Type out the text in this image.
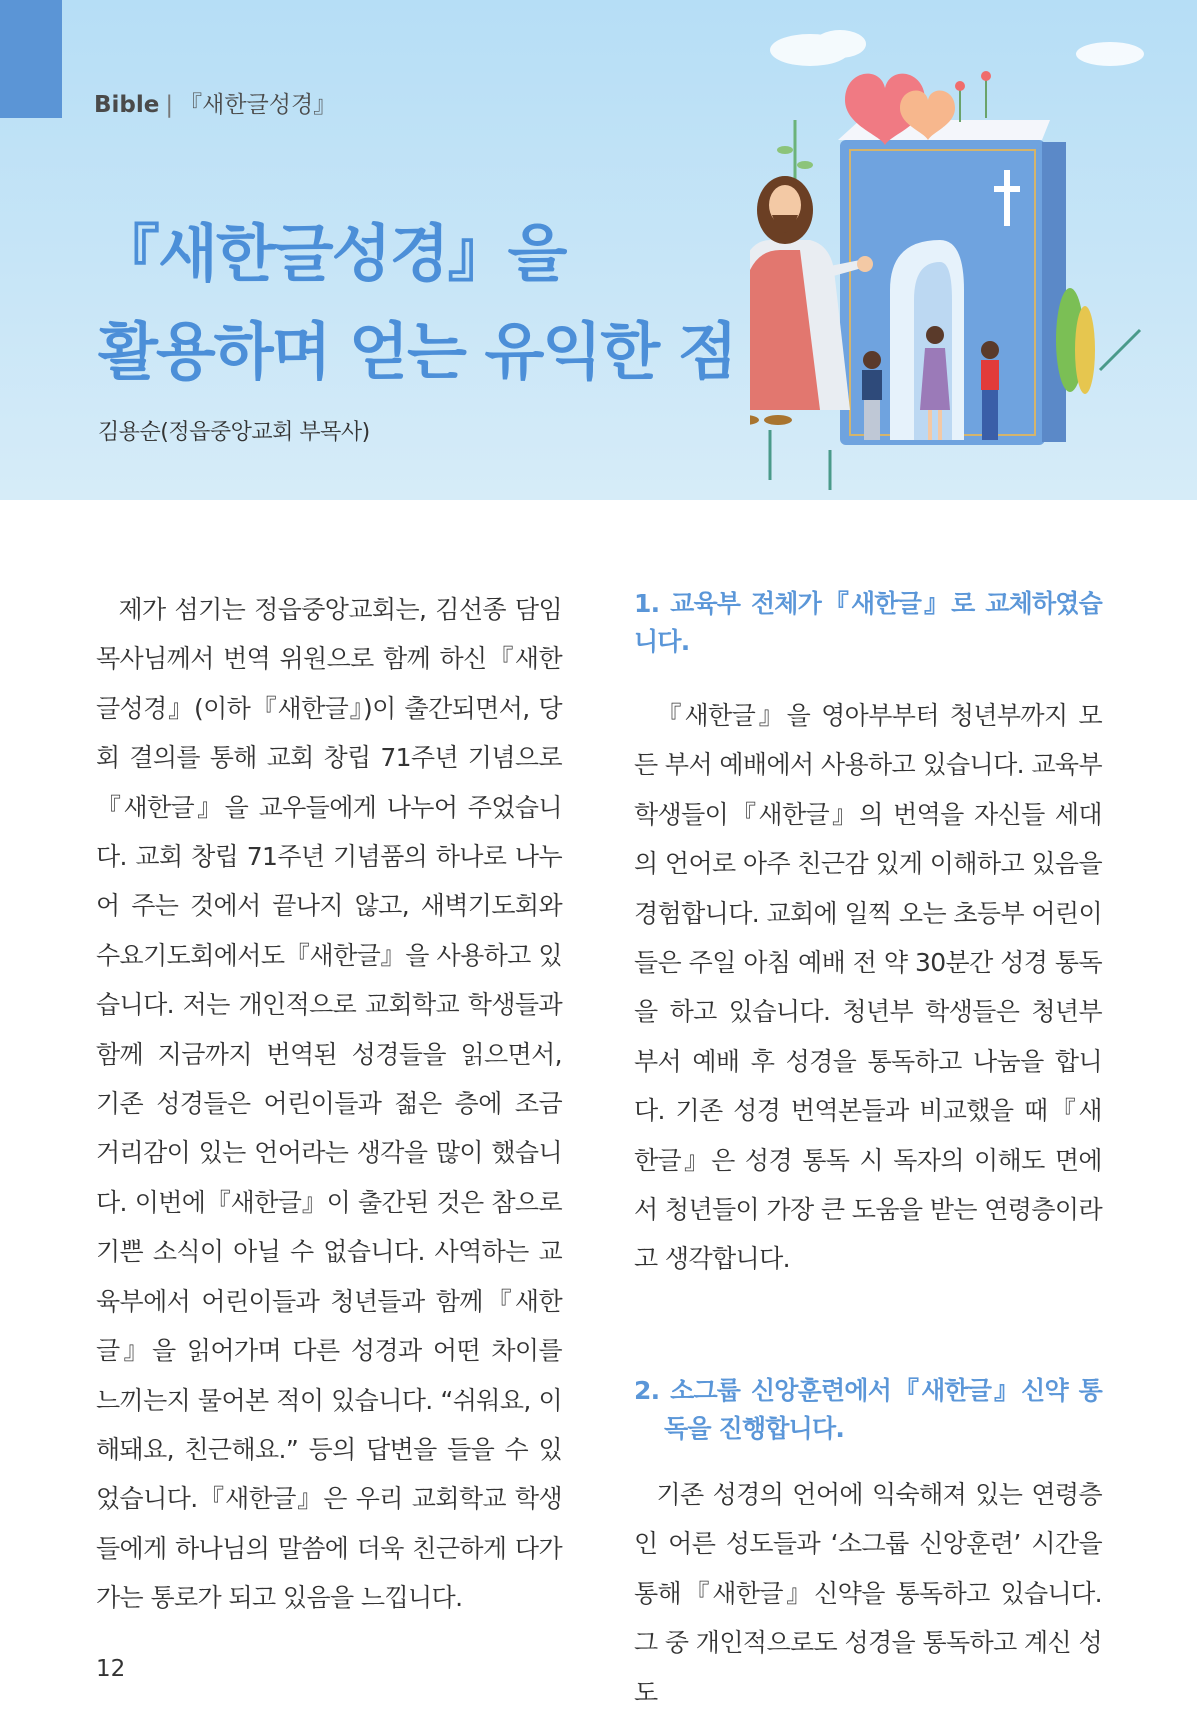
Bible | 『새한글성경』
『새한글성경』을
활용하며 얻는 유익한 점
김용순(정읍중앙교회 부목사)

제가 섬기는 정읍중앙교회는, 김선종 담임 목사님께서 번역 위원으로 함께 하신『새한글성경』(이하『새한글』)이 출간되면서, 당회 결의를 통해 교회 창립 71주년 기념으로『새한글』을 교우들에게 나누어 주었습니다. 교회 창립 71주년 기념품의 하나로 나누어 주는 것에서 끝나지 않고, 새벽기도회와 수요기도회에서도『새한글』을 사용하고 있습니다. 저는 개인적으로 교회학교 학생들과 함께 지금까지 번역된 성경들을 읽으면서, 기존 성경들은 어린이들과 젊은 층에 조금 거리감이 있는 언어라는 생각을 많이 했습니다. 이번에『새한글』이 출간된 것은 참으로 기쁜 소식이 아닐 수 없습니다. 사역하는 교육부에서 어린이들과 청년들과 함께『새한글』을 읽어가며 다른 성경과 어떤 차이를 느끼는지 물어본 적이 있습니다. “쉬워요, 이해돼요, 친근해요.” 등의 답변을 들을 수 있었습니다.『새한글』은 우리 교회학교 학생들에게 하나님의 말씀에 더욱 친근하게 다가가는 통로가 되고 있음을 느낍니다.

1. 교육부 전체가『새한글』로 교체하였습니다.

『새한글』을 영아부부터 청년부까지 모든 부서 예배에서 사용하고 있습니다. 교육부 학생들이『새한글』의 번역을 자신들 세대의 언어로 아주 친근감 있게 이해하고 있음을 경험합니다. 교회에 일찍 오는 초등부 어린이들은 주일 아침 예배 전 약 30분간 성경 통독을 하고 있습니다. 청년부 학생들은 청년부 부서 예배 후 성경을 통독하고 나눔을 합니다. 기존 성경 번역본들과 비교했을 때『새한글』은 성경 통독 시 독자의 이해도 면에서 청년들이 가장 큰 도움을 받는 연령층이라고 생각합니다.

2. 소그룹 신앙훈련에서『새한글』신약 통독을 진행합니다.

기존 성경의 언어에 익숙해져 있는 연령층인 어른 성도들과 ‘소그룹 신앙훈련’ 시간을 통해『새한글』신약을 통독하고 있습니다. 그 중 개인적으로도 성경을 통독하고 계신 성도

12
